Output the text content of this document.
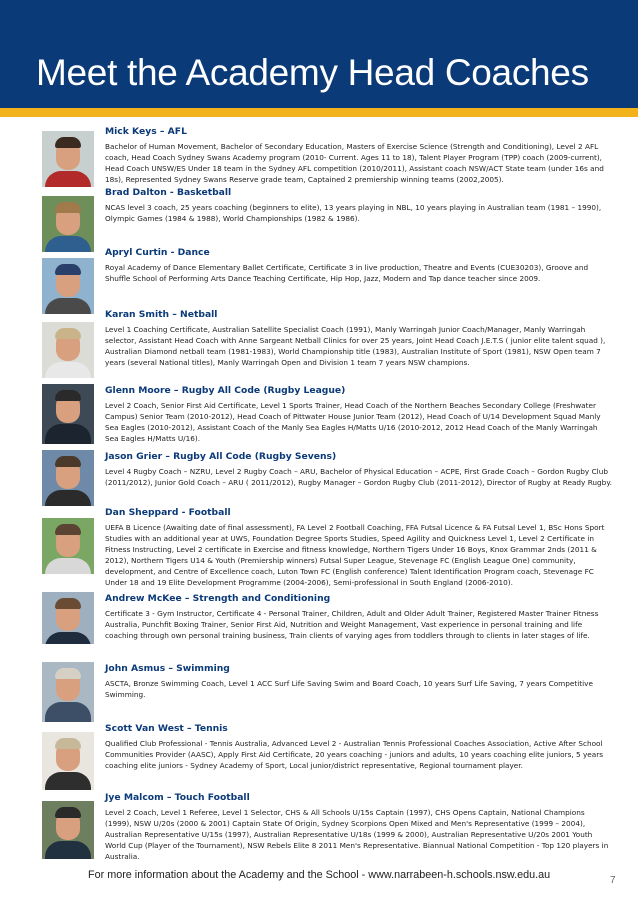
Meet the Academy Head Coaches
Mick Keys – AFL
Bachelor of Human Movement, Bachelor of Secondary Education, Masters of Exercise Science (Strength and Conditioning), Level 2 AFL coach, Head Coach Sydney Swans Academy program (2010- Current. Ages 11 to 18), Talent Player Program (TPP) coach (2009-current), Head Coach UNSW/ES Under 18 team in the Sydney AFL competition (2010/2011), Assistant coach NSW/ACT State team (under 16s and 18s), Represented Sydney Swans Reserve grade team, Captained 2 premiership winning teams (2002,2005).
Brad Dalton - Basketball
NCAS level 3 coach, 25 years coaching (beginners to elite), 13 years playing in NBL, 10 years playing in Australian team (1981 – 1990), Olympic Games (1984 & 1988), World Championships (1982 & 1986).
Apryl Curtin - Dance
Royal Academy of Dance Elementary Ballet Certificate, Certificate 3 in live production, Theatre and Events (CUE30203), Groove and Shuffle School of Performing Arts Dance Teaching Certificate, Hip Hop, Jazz, Modern and Tap dance teacher since 2009.
Karan Smith – Netball
Level 1 Coaching Certificate, Australian Satellite Specialist Coach (1991), Manly Warringah Junior Coach/Manager, Manly Warringah selector, Assistant Head Coach with Anne Sargeant Netball Clinics for over 25 years, Joint Head Coach J.E.T.S ( junior elite talent squad ), Australian Diamond netball team (1981-1983), World Championship title (1983), Australian Institute of Sport (1981), NSW Open team 7 years (several National titles), Manly Warringah Open and Division 1 team 7 years NSW champions.
Glenn Moore – Rugby All Code (Rugby League)
Level 2 Coach, Senior First Aid Certificate, Level 1 Sports Trainer, Head Coach of the Northern Beaches Secondary College (Freshwater Campus) Senior Team (2010-2012), Head Coach of Pittwater House Junior Team (2012), Head Coach of U/14 Development Squad Manly Sea Eagles (2010-2012), Assistant Coach of the Manly Sea Eagles H/Matts U/16 (2010-2012, 2012 Head Coach of the Manly Warringah Sea Eagles H/Matts U/16).
Jason Grier – Rugby All Code (Rugby Sevens)
Level 4 Rugby Coach – NZRU, Level 2 Rugby Coach – ARU, Bachelor of Physical Education – ACPE, First Grade Coach – Gordon Rugby Club (2011/2012), Junior Gold Coach – ARU ( 2011/2012), Rugby Manager – Gordon Rugby Club (2011-2012), Director of Rugby at Ready Rugby.
Dan Sheppard - Football
UEFA B Licence (Awaiting date of final assessment), FA Level 2 Football Coaching, FFA Futsal Licence & FA Futsal Level 1, BSc Hons Sport Studies with an additional year at UWS, Foundation Degree Sports Studies, Speed Agility and Quickness Level 1, Level 2 Certificate in Fitness Instructing, Level 2 certificate in Exercise and fitness knowledge, Northern Tigers Under 16 Boys, Knox Grammar 2nds (2011 & 2012), Northern Tigers U14 & Youth (Premiership winners) Futsal Super League, Stevenage FC (English League One) community, development, and Centre of Excellence coach, Luton Town FC (English conference) Talent Identification Program coach, Stevenage FC Under 18 and 19 Elite Development Programme (2004-2006), Semi-professional in South England (2006-2010).
Andrew McKee – Strength and Conditioning
Certificate 3 - Gym Instructor, Certificate 4 - Personal Trainer, Children, Adult and Older Adult Trainer, Registered Master Trainer Fitness Australia, Punchfit Boxing Trainer, Senior First Aid, Nutrition and Weight Management, Vast experience in personal training and life coaching through own personal training business, Train clients of varying ages from toddlers through to clients in later stages of life.
John Asmus – Swimming
ASCTA, Bronze Swimming Coach, Level 1 ACC Surf Life Saving Swim and Board Coach, 10 years Surf Life Saving, 7 years Competitive Swimming.
Scott Van West – Tennis
Qualified Club Professional - Tennis Australia, Advanced Level 2 - Australian Tennis Professional Coaches Association, Active After School Communities Provider (AASC), Apply First Aid Certificate, 20 years coaching - juniors and adults, 10 years coaching elite juniors, 5 years coaching elite juniors - Sydney Academy of Sport, Local junior/district representative, Regional tournament player.
Jye Malcom – Touch Football
Level 2 Coach, Level 1 Referee, Level 1 Selector, CHS & All Schools U/15s Captain (1997), CHS Opens Captain, National Champions (1999), NSW U/20s (2000 & 2001) Captain State Of Origin, Sydney Scorpions Open Mixed and Men's Representative (1999 – 2004), Australian Representative U/15s (1997), Australian Representative U/18s (1999 & 2000), Australian Representative U/20s 2001 Youth World Cup (Player of the Tournament), NSW Rebels Elite 8 2011 Men's Representative. Biannual National Competition - Top 120 players in Australia.
For more information about the Academy and the School - www.narrabeen-h.schools.nsw.edu.au	7
